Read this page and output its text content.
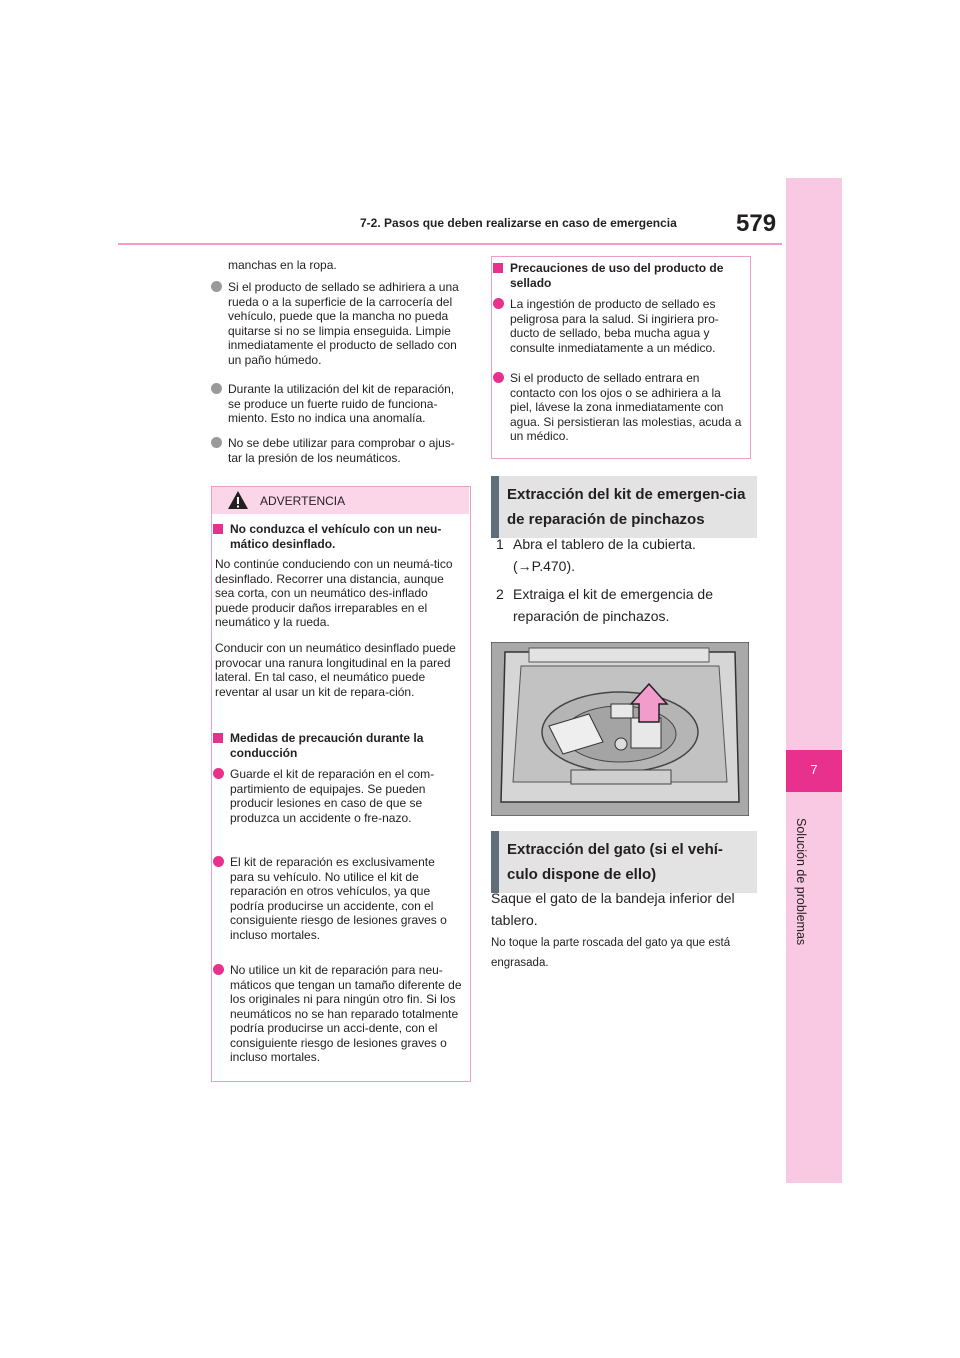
7-2. Pasos que deben realizarse en caso de emergencia 579
7
Solución de problemas
manchas en la ropa.
Si el producto de sellado se adhiriera a una rueda o a la superficie de la carrocería del vehículo, puede que la mancha no pueda quitarse si no se limpia enseguida. Limpie inmediatamente el producto de sellado con un paño húmedo.
Durante la utilización del kit de reparación, se produce un fuerte ruido de funciona-miento. Esto no indica una anomalía.
No se debe utilizar para comprobar o ajus-tar la presión de los neumáticos.
ADVERTENCIA
No conduzca el vehículo con un neu-mático desinflado.
No continúe conduciendo con un neumá-tico desinflado. Recorrer una distancia, aunque sea corta, con un neumático des-inflado puede producir daños irreparables en el neumático y la rueda.
Conducir con un neumático desinflado puede provocar una ranura longitudinal en la pared lateral. En tal caso, el neumático puede reventar al usar un kit de repara-ción.
Medidas de precaución durante la conducción
Guarde el kit de reparación en el com-partimiento de equipajes. Se pueden producir lesiones en caso de que se produzca un accidente o fre-nazo.
El kit de reparación es exclusivamente para su vehículo. No utilice el kit de reparación en otros vehículos, ya que podría producirse un accidente, con el consiguiente riesgo de lesiones graves o incluso mortales.
No utilice un kit de reparación para neu-máticos que tengan un tamaño diferente de los originales ni para ningún otro fin. Si los neumáticos no se han reparado totalmente podría producirse un acci-dente, con el consiguiente riesgo de lesiones graves o incluso mortales.
Precauciones de uso del producto de sellado
La ingestión de producto de sellado es peligrosa para la salud. Si ingiriera pro-ducto de sellado, beba mucha agua y consulte inmediatamente a un médico.
Si el producto de sellado entrara en contacto con los ojos o se adhiriera a la piel, lávese la zona inmediatamente con agua. Si persistieran las molestias, acuda a un médico.
Extracción del kit de emergen-cia de reparación de pinchazos
1 Abra el tablero de la cubierta. (→P.470).
2 Extraiga el kit de emergencia de reparación de pinchazos.
Extracción del gato (si el vehí-culo dispone de ello)
Saque el gato de la bandeja inferior del tablero.
No toque la parte roscada del gato ya que está engrasada.
